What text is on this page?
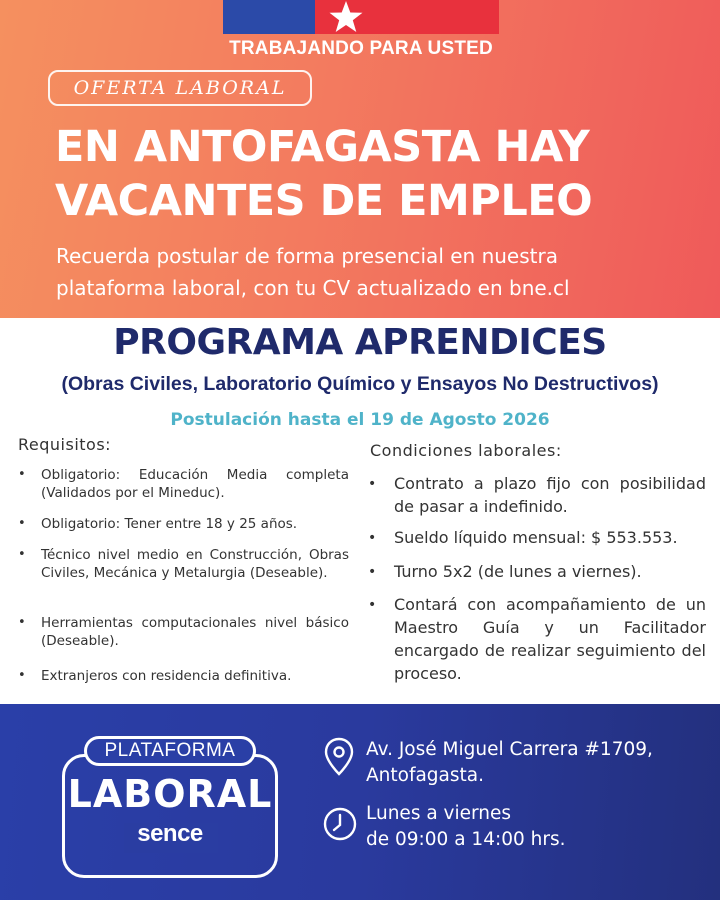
TRABAJANDO PARA USTED
OFERTA LABORAL
EN ANTOFAGASTA HAY
VACANTES DE EMPLEO
Recuerda postular de forma presencial en nuestra
plataforma laboral, con tu CV actualizado en bne.cl
PROGRAMA APRENDICES
(Obras Civiles, Laboratorio Químico y Ensayos No Destructivos)
Postulación hasta el 19 de Agosto 2026
Requisitos:
• Obligatorio: Educación Media completa (Validados por el Mineduc).
• Obligatorio: Tener entre 18 y 25 años.
• Técnico nivel medio en Construcción, Obras Civiles, Mecánica y Metalurgia (Deseable).
• Herramientas computacionales nivel básico (Deseable).
• Extranjeros con residencia definitiva.
Condiciones laborales:
• Contrato a plazo fijo con posibilidad de pasar a indefinido.
• Sueldo líquido mensual: $ 553.553.
• Turno 5x2 (de lunes a viernes).
• Contará con acompañamiento de un Maestro Guía y un Facilitador encargado de realizar seguimiento del proceso.
PLATAFORMA
LABORAL
sence
Av. José Miguel Carrera #1709,
Antofagasta.
Lunes a viernes
de 09:00 a 14:00 hrs.
